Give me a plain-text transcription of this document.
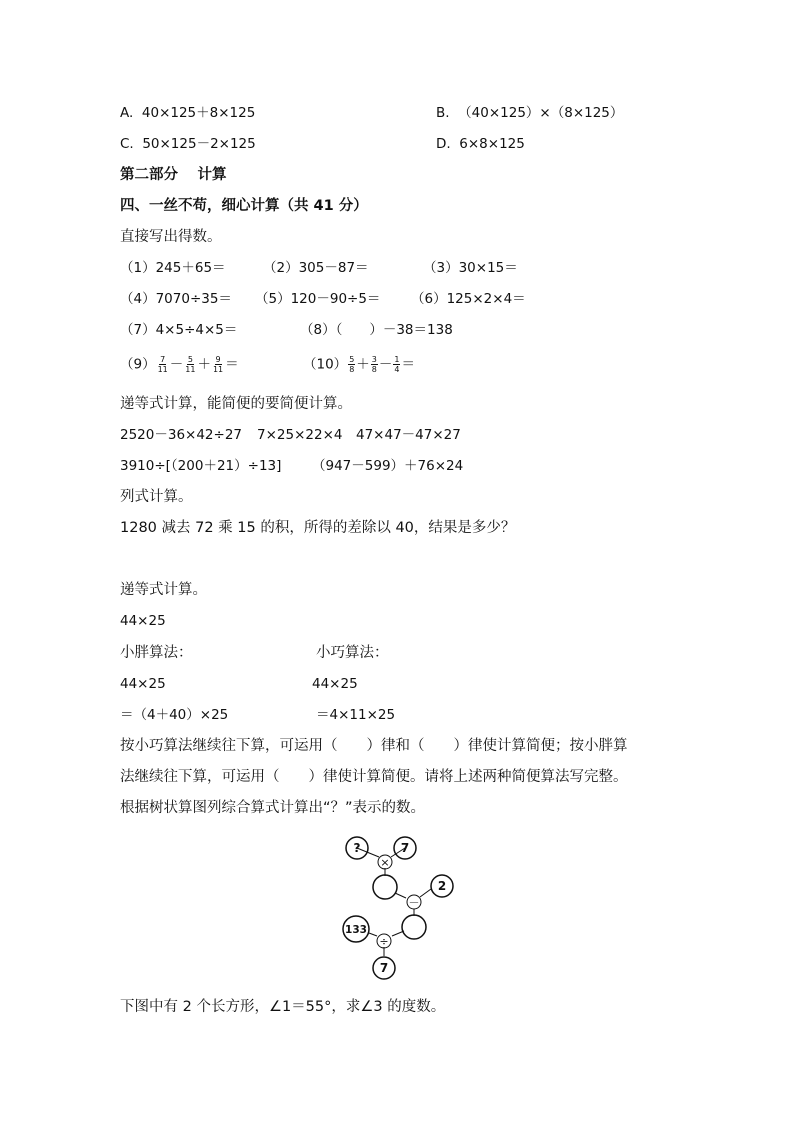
A. 40×125＋8×125	B. （40×125）×（8×125）
C. 50×125－2×125	D. 6×8×125
第二部分　 计算
四、一丝不苟，细心计算（共 41 分）
直接写出得数。
（1）245＋65＝	（2）305－87＝	（3）30×15＝
（4）7070÷35＝ （5）120－90÷5＝ （6）125×2×4＝
（7）4×5÷4×5＝	（8）（　　）－38＝138
$(9) \frac{7}{11} - \frac{5}{11} + \frac{9}{11}$ ＝	$(10) \frac{5}{8} + \frac{3}{8} - \frac{1}{4}$ ＝
递等式计算，能简便的要简便计算。
2520－36×42÷27 7×25×22×4 47×47－47×27
3910÷[（200＋21）÷13] （947－599）＋76×24
列式计算。
1280 减去 72 乘 15 的积，所得的差除以 40，结果是多少？
递等式计算。
44×25
小胖算法：	小巧算法：
44×25	44×25
＝（4＋40）×25	＝4×11×25
按小巧算法继续往下算，可运用（　　）律和（　　）律使计算简便；按小胖算
法继续往下算，可运用（　　）律使计算简便。请将上述两种简便算法写完整。
根据树状算图列综合算式计算出“？”表示的数。
?	7
2
133
7
×
－
÷
下图中有 2 个长方形，∠1＝55°，求∠3 的度数。
